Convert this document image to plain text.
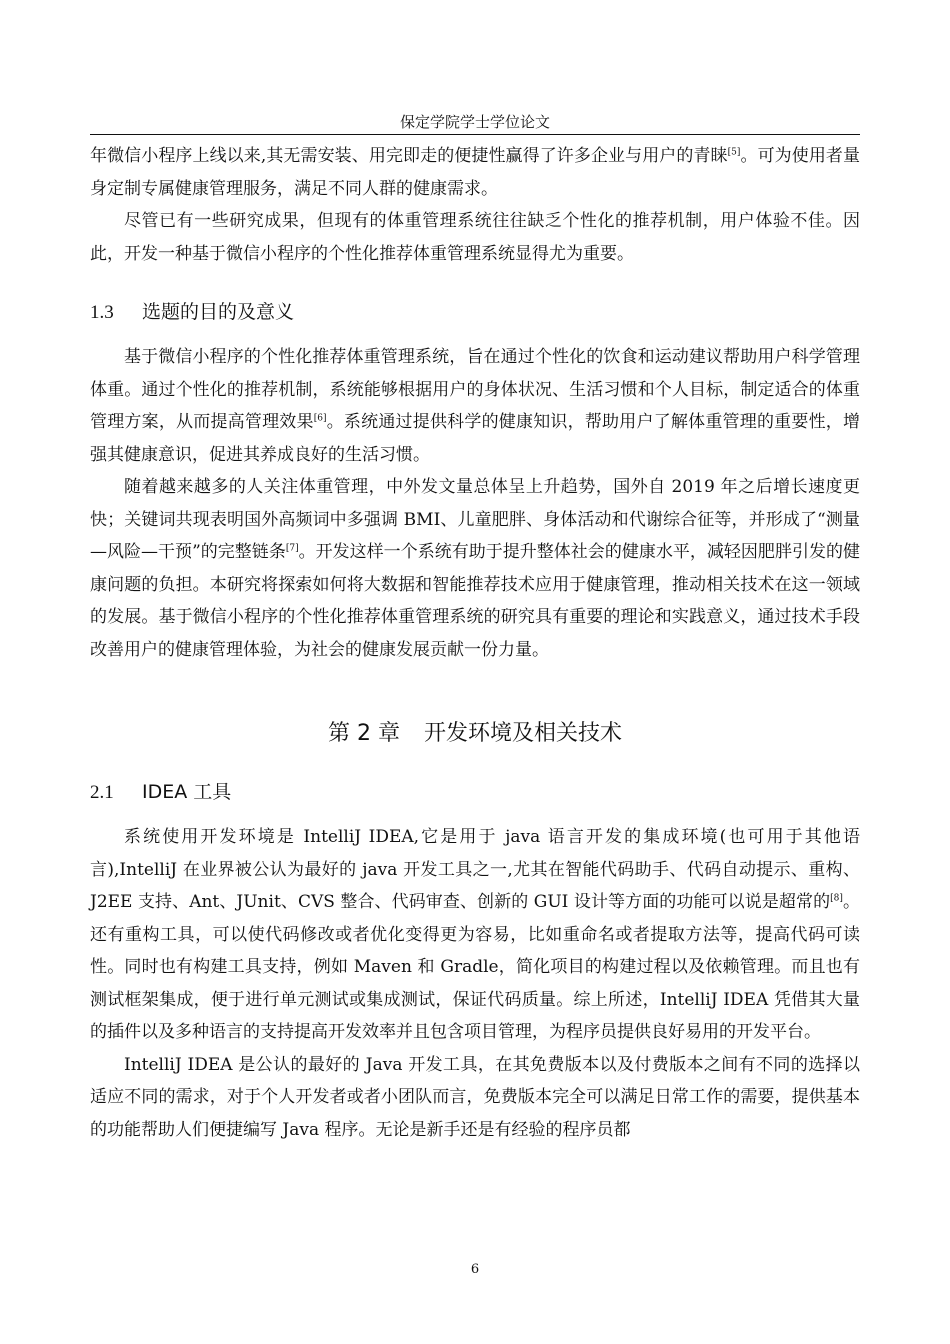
保定学院学士学位论文

年微信小程序上线以来,其无需安装、用完即走的便捷性赢得了许多企业与用户的青睐[5]。可为使用者量身定制专属健康管理服务，满足不同人群的健康需求。

尽管已有一些研究成果，但现有的体重管理系统往往缺乏个性化的推荐机制，用户体验不佳。因此，开发一种基于微信小程序的个性化推荐体重管理系统显得尤为重要。

1.3 选题的目的及意义

基于微信小程序的个性化推荐体重管理系统，旨在通过个性化的饮食和运动建议帮助用户科学管理体重。通过个性化的推荐机制，系统能够根据用户的身体状况、生活习惯和个人目标，制定适合的体重管理方案，从而提高管理效果[6]。系统通过提供科学的健康知识，帮助用户了解体重管理的重要性，增强其健康意识，促进其养成良好的生活习惯。

随着越来越多的人关注体重管理，中外发文量总体呈上升趋势，国外自 2019 年之后增长速度更快；关键词共现表明国外高频词中多强调 BMI、儿童肥胖、身体活动和代谢综合征等，并形成了“测量—风险—干预”的完整链条[7]。开发这样一个系统有助于提升整体社会的健康水平，减轻因肥胖引发的健康问题的负担。本研究将探索如何将大数据和智能推荐技术应用于健康管理，推动相关技术在这一领域的发展。基于微信小程序的个性化推荐体重管理系统的研究具有重要的理论和实践意义，通过技术手段改善用户的健康管理体验，为社会的健康发展贡献一份力量。

第 2 章 开发环境及相关技术
2.1 IDEA 工具

系统使用开发环境是 IntelliJ IDEA,它是用于 java 语言开发的集成环境(也可用于其他语言),IntelliJ 在业界被公认为最好的 java 开发工具之一,尤其在智能代码助手、代码自动提示、重构、J2EE 支持、Ant、JUnit、CVS 整合、代码审查、创新的 GUI 设计等方面的功能可以说是超常的[8]。还有重构工具，可以使代码修改或者优化变得更为容易，比如重命名或者提取方法等，提高代码可读性。同时也有构建工具支持，例如 Maven 和 Gradle，简化项目的构建过程以及依赖管理。而且也有测试框架集成，便于进行单元测试或集成测试，保证代码质量。综上所述，IntelliJ IDEA 凭借其大量的插件以及多种语言的支持提高开发效率并且包含项目管理，为程序员提供良好易用的开发平台。

IntelliJ IDEA 是公认的最好的 Java 开发工具，在其免费版本以及付费版本之间有不同的选择以适应不同的需求，对于个人开发者或者小团队而言，免费版本完全可以满足日常工作的需要，提供基本的功能帮助人们便捷编写 Java 程序。无论是新手还是有经验的程序员都

6
